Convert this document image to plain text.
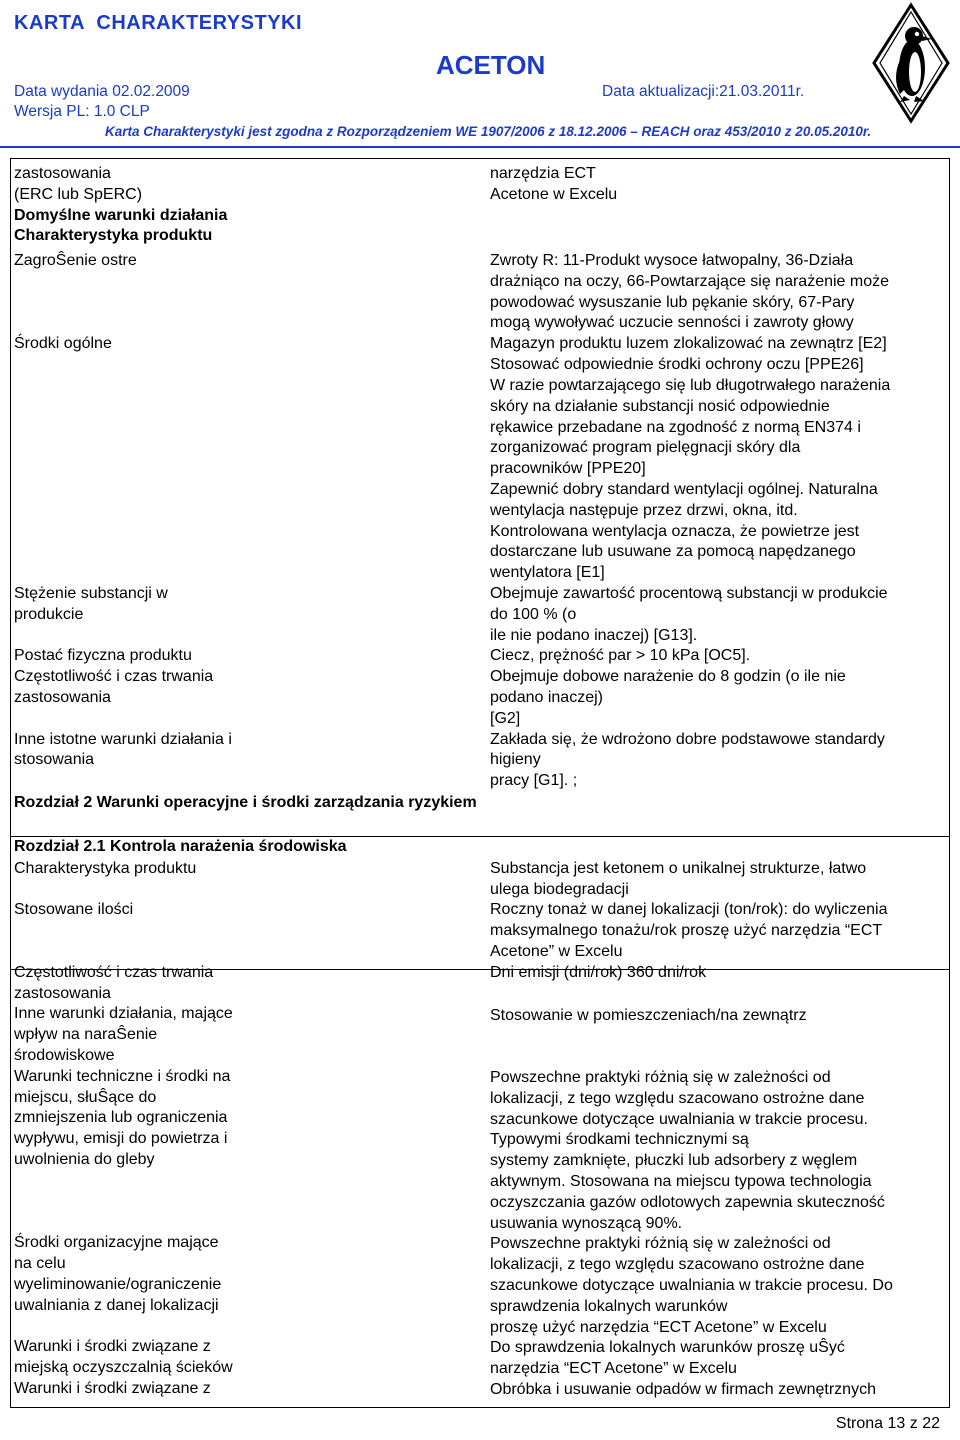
KARTA  CHARAKTERYSTYKI
ACETON
Data wydania 02.02.2009
Wersja PL: 1.0 CLP
Data aktualizacji:21.03.2011r.
Karta Charakterystyki jest zgodna z Rozporządzeniem WE 1907/2006 z 18.12.2006 – REACH oraz 453/2010 z 20.05.2010r.
zastosowania
(ERC lub SpERC)
Domyślne warunki działania
Charakterystyka produktu
ZagroŜenie ostre
Środki ogólne
Stężenie substancji w
produkcie
Postać fizyczna produktu
Częstotliwość i czas trwania
zastosowania
Inne istotne warunki działania i
stosowania
Rozdział 2 Warunki operacyjne i środki zarządzania ryzykiem
narzędzia ECT
Acetone w Excelu
Zwroty R: 11-Produkt wysoce łatwopalny, 36-Działa
drażniąco na oczy, 66-Powtarzające się narażenie może
powodować wysuszanie lub pękanie skóry, 67-Pary
mogą wywoływać uczucie senności i zawroty głowy
Magazyn produktu luzem zlokalizować na zewnątrz [E2]
Stosować odpowiednie środki ochrony oczu [PPE26]
W razie powtarzającego się lub długotrwałego narażenia
skóry na działanie substancji nosić odpowiednie
rękawice przebadane na zgodność z normą EN374 i
zorganizować program pielęgnacji skóry dla
pracowników [PPE20]
Zapewnić dobry standard wentylacji ogólnej. Naturalna
wentylacja następuje przez drzwi, okna, itd.
Kontrolowana wentylacja oznacza, że powietrze jest
dostarczane lub usuwane za pomocą napędzanego
wentylatora [E1]
Obejmuje zawartość procentową substancji w produkcie
do 100 % (o
ile nie podano inaczej) [G13].
Ciecz, prężność par > 10 kPa [OC5].
Obejmuje dobowe narażenie do 8 godzin (o ile nie
podano inaczej)
[G2]
Zakłada się, że wdrożono dobre podstawowe standardy
higieny
pracy [G1]. ;
Rozdział 2.1 Kontrola narażenia środowiska
Charakterystyka produktu
Stosowane ilości
Częstotliwość i czas trwania
zastosowania
Inne warunki działania, mające
wpływ na naraŜenie
środowiskowe
Warunki techniczne i środki na
miejscu, słuŜące do
zmniejszenia lub ograniczenia
wypływu, emisji do powietrza i
uwolnienia do gleby
Środki organizacyjne mające
na celu
wyeliminowanie/ograniczenie
uwalniania z danej lokalizacji
Warunki i środki związane z
miejską oczyszczalnią ścieków
Warunki i środki związane z
Substancja jest ketonem o unikalnej strukturze, łatwo
ulega biodegradacji
Roczny tonaż w danej lokalizacji (ton/rok): do wyliczenia
maksymalnego tonażu/rok proszę użyć narzędzia “ECT
Acetone” w Excelu
Dni emisji (dni/rok) 360 dni/rok
Stosowanie w pomieszczeniach/na zewnątrz
Powszechne praktyki różnią się w zależności od
lokalizacji, z tego względu szacowano ostrożne dane
szacunkowe dotyczące uwalniania w trakcie procesu.
Typowymi środkami technicznymi są
systemy zamknięte, płuczki lub adsorbery z węglem
aktywnym. Stosowana na miejscu typowa technologia
oczyszczania gazów odlotowych zapewnia skuteczność
usuwania wynoszącą 90%.
Powszechne praktyki różnią się w zależności od
lokalizacji, z tego względu szacowano ostrożne dane
szacunkowe dotyczące uwalniania w trakcie procesu. Do
sprawdzenia lokalnych warunków
proszę użyć narzędzia “ECT Acetone” w Excelu
Do sprawdzenia lokalnych warunków proszę uŜyć
narzędzia “ECT Acetone” w Excelu
Obróbka i usuwanie odpadów w firmach zewnętrznych
Strona 13 z 22
